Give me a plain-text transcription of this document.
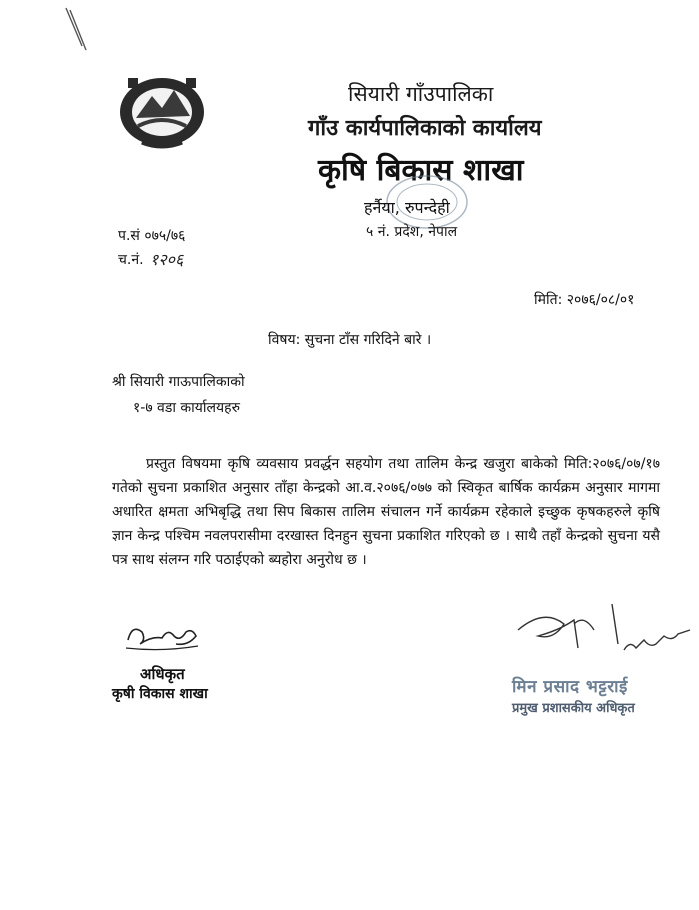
सियारी गाँउपालिका
गाँउ कार्यपालिकाको कार्यालय
कृषि बिकास शाखा
हर्नैया, रुपन्देही
५ नं. प्रदेश, नेपाल
प.सं ०७५/७६
च.नं. १२०६
मिति: २०७६/०८/०१
विषय: सुचना टाँस गरिदिने बारे ।
श्री सियारी गाऊपालिकाको
१-७ वडा कार्यालयहरु
प्रस्तुत विषयमा कृषि व्यवसाय प्रवर्द्धन सहयोग तथा तालिम केन्द्र खजुरा बाकेको मिति:२०७६/०७/१७ गतेको सुचना प्रकाशित अनुसार ताँहा केन्द्रको आ.व.२०७६/०७७ को स्विकृत बार्षिक कार्यक्रम अनुसार मागमा अधारित क्षमता अभिबृद्धि तथा सिप बिकास तालिम संचालन गर्ने कार्यक्रम रहेकाले इच्छुक कृषकहरुले कृषि ज्ञान केन्द्र पश्चिम नवलपरासीमा दरखास्त दिनहुन सुचना प्रकाशित गरिएको छ । साथै तहाँ केन्द्रको सुचना यसै पत्र साथ संलग्न गरि पठाईएको ब्यहोरा अनुरोध छ ।
अधिकृत
कृषी विकास शाखा	मिन प्रसाद भट्टराई
प्रमुख प्रशासकीय अधिकृत
